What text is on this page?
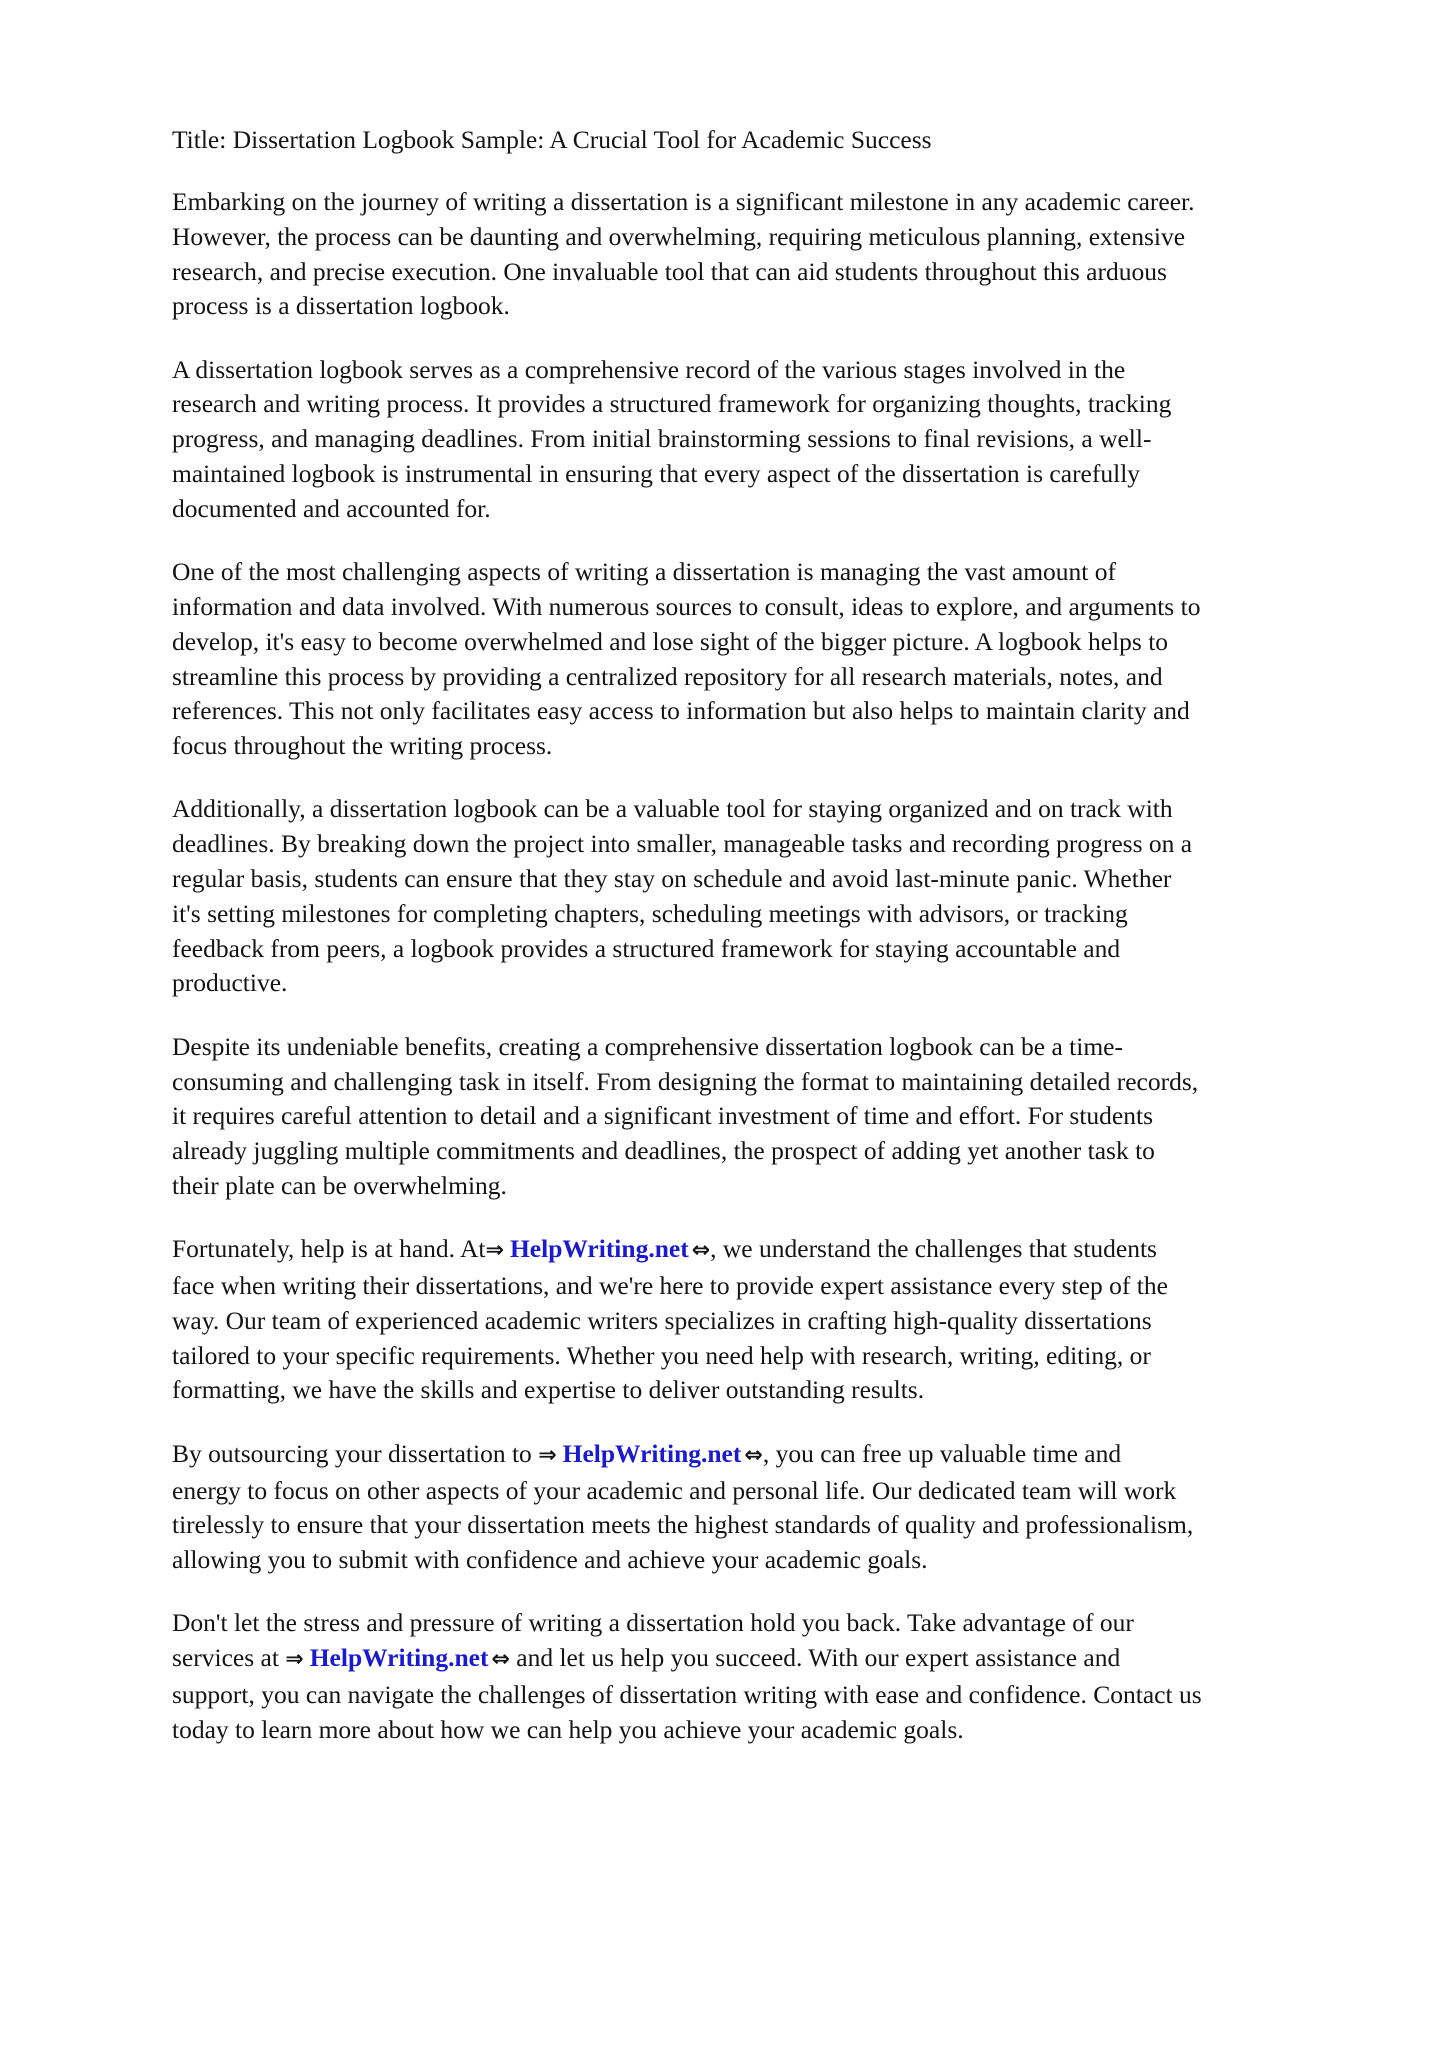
Title: Dissertation Logbook Sample: A Crucial Tool for Academic Success
Embarking on the journey of writing a dissertation is a significant milestone in any academic career.
However, the process can be daunting and overwhelming, requiring meticulous planning, extensive
research, and precise execution. One invaluable tool that can aid students throughout this arduous
process is a dissertation logbook.
A dissertation logbook serves as a comprehensive record of the various stages involved in the
research and writing process. It provides a structured framework for organizing thoughts, tracking
progress, and managing deadlines. From initial brainstorming sessions to final revisions, a well-
maintained logbook is instrumental in ensuring that every aspect of the dissertation is carefully
documented and accounted for.
One of the most challenging aspects of writing a dissertation is managing the vast amount of
information and data involved. With numerous sources to consult, ideas to explore, and arguments to
develop, it's easy to become overwhelmed and lose sight of the bigger picture. A logbook helps to
streamline this process by providing a centralized repository for all research materials, notes, and
references. This not only facilitates easy access to information but also helps to maintain clarity and
focus throughout the writing process.
Additionally, a dissertation logbook can be a valuable tool for staying organized and on track with
deadlines. By breaking down the project into smaller, manageable tasks and recording progress on a
regular basis, students can ensure that they stay on schedule and avoid last-minute panic. Whether
it's setting milestones for completing chapters, scheduling meetings with advisors, or tracking
feedback from peers, a logbook provides a structured framework for staying accountable and
productive.
Despite its undeniable benefits, creating a comprehensive dissertation logbook can be a time-
consuming and challenging task in itself. From designing the format to maintaining detailed records,
it requires careful attention to detail and a significant investment of time and effort. For students
already juggling multiple commitments and deadlines, the prospect of adding yet another task to
their plate can be overwhelming.
Fortunately, help is at hand. At⇒ HelpWriting.net ⇔, we understand the challenges that students
face when writing their dissertations, and we're here to provide expert assistance every step of the
way. Our team of experienced academic writers specializes in crafting high-quality dissertations
tailored to your specific requirements. Whether you need help with research, writing, editing, or
formatting, we have the skills and expertise to deliver outstanding results.
By outsourcing your dissertation to ⇒ HelpWriting.net ⇔, you can free up valuable time and
energy to focus on other aspects of your academic and personal life. Our dedicated team will work
tirelessly to ensure that your dissertation meets the highest standards of quality and professionalism,
allowing you to submit with confidence and achieve your academic goals.
Don't let the stress and pressure of writing a dissertation hold you back. Take advantage of our
services at ⇒ HelpWriting.net ⇔ and let us help you succeed. With our expert assistance and
support, you can navigate the challenges of dissertation writing with ease and confidence. Contact us
today to learn more about how we can help you achieve your academic goals.
